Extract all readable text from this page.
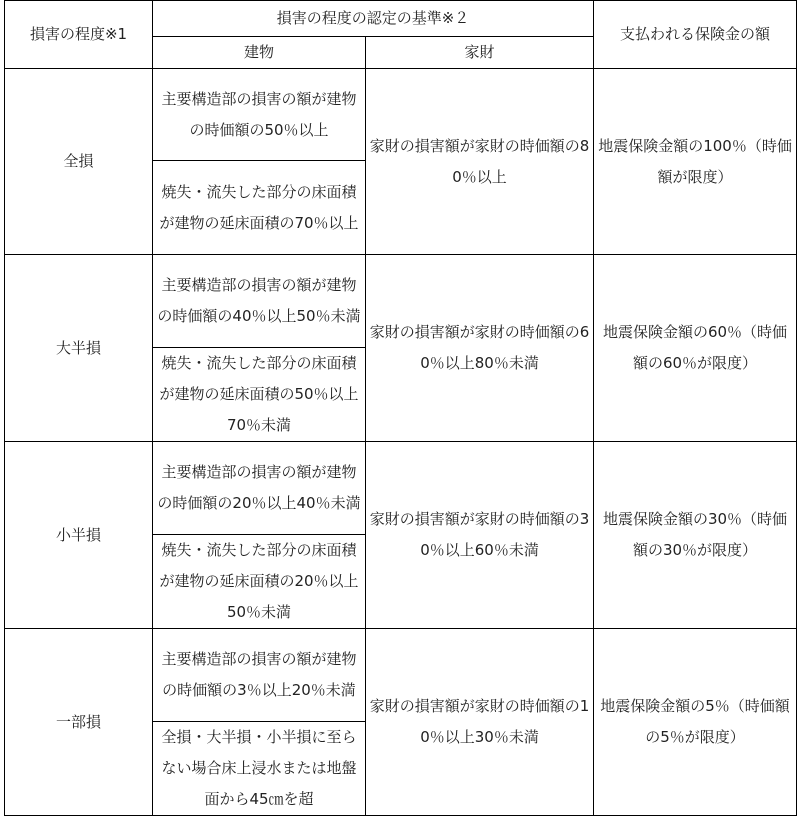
損害の程度※1	損害の程度の認定の基準※２		支払われる保険金の額
	建物	家財	
全損	主要構造部の損害の額が建物の時価額の50％以上	家財の損害額が家財の時価額の80％以上	地震保険金額の100％（時価額が限度）
	焼失・流失した部分の床面積が建物の延床面積の70％以上		
大半損	主要構造部の損害の額が建物の時価額の40％以上50％未満	家財の損害額が家財の時価額の60％以上80％未満	地震保険金額の60％（時価額の60％が限度）
	焼失・流失した部分の床面積が建物の延床面積の50％以上70％未満		
小半損	主要構造部の損害の額が建物の時価額の20％以上40％未満	家財の損害額が家財の時価額の30％以上60％未満	地震保険金額の30％（時価額の30％が限度）
	焼失・流失した部分の床面積が建物の延床面積の20％以上50％未満		
一部損	主要構造部の損害の額が建物の時価額の3％以上20％未満	家財の損害額が家財の時価額の10％以上30％未満	地震保険金額の5％（時価額の5％が限度）
	全損・大半損・小半損に至らない場合床上浸水または地盤面から45㎝を超		
